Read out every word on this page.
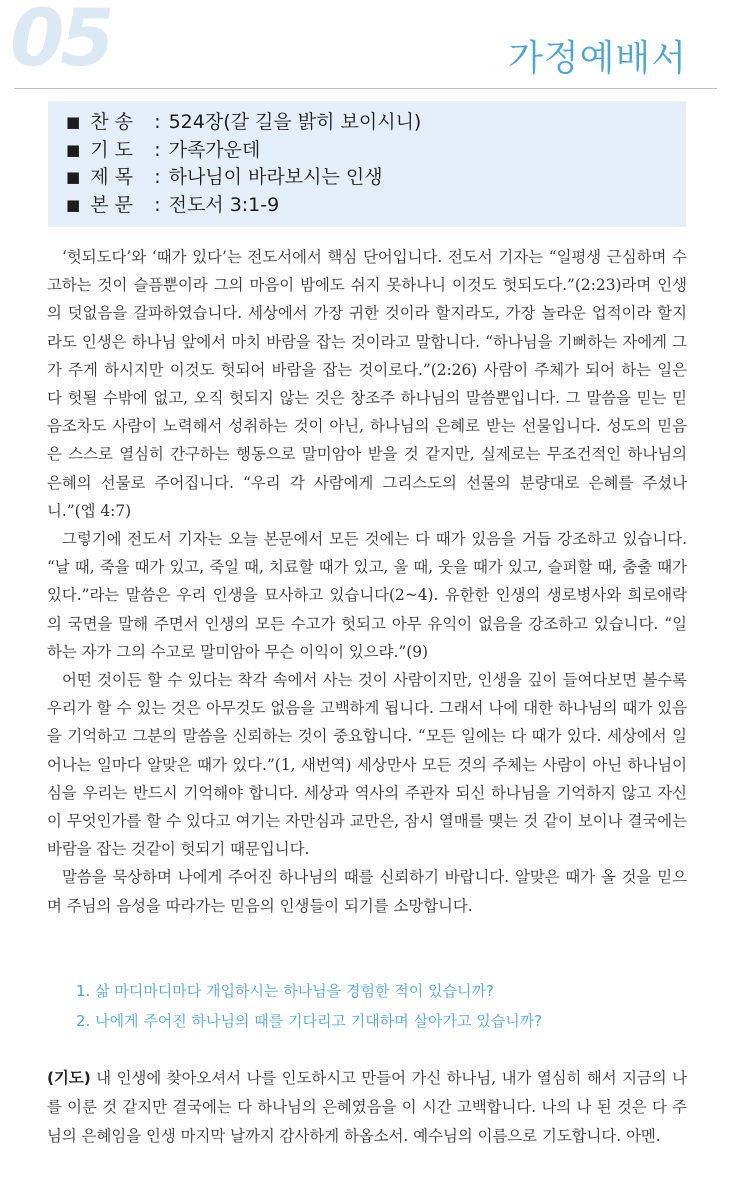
05	가정예배서
■ 찬 송 : 524장(갈 길을 밝히 보이시니)
■ 기 도 : 가족가운데
■ 제 목 : 하나님이 바라보시는 인생
■ 본 문 : 전도서 3:1-9

‘헛되도다’와 ‘때가 있다’는 전도서에서 핵심 단어입니다. 전도서 기자는 “일평생 근심하며 수고하는 것이 슬픔뿐이라 그의 마음이 밤에도 쉬지 못하나니 이것도 헛되도다.”(2:23)라며 인생의 덧없음을 갈파하였습니다. 세상에서 가장 귀한 것이라 할지라도, 가장 놀라운 업적이라 할지라도 인생은 하나님 앞에서 마치 바람을 잡는 것이라고 말합니다. “하나님을 기뻐하는 자에게 그가 주게 하시지만 이것도 헛되어 바람을 잡는 것이로다.”(2:26) 사람이 주체가 되어 하는 일은 다 헛될 수밖에 없고, 오직 헛되지 않는 것은 창조주 하나님의 말씀뿐입니다. 그 말씀을 믿는 믿음조차도 사람이 노력해서 성취하는 것이 아닌, 하나님의 은혜로 받는 선물입니다. 성도의 믿음은 스스로 열심히 간구하는 행동으로 말미암아 받을 것 같지만, 실제로는 무조건적인 하나님의 은혜의 선물로 주어집니다. “우리 각 사람에게 그리스도의 선물의 분량대로 은혜를 주셨나니.”(엡 4:7)

그렇기에 전도서 기자는 오늘 본문에서 모든 것에는 다 때가 있음을 거듭 강조하고 있습니다. “날 때, 죽을 때가 있고, 죽일 때, 치료할 때가 있고, 울 때, 웃을 때가 있고, 슬퍼할 때, 춤출 때가 있다.”라는 말씀은 우리 인생을 묘사하고 있습니다(2~4). 유한한 인생의 생로병사와 희로애락의 국면을 말해 주면서 인생의 모든 수고가 헛되고 아무 유익이 없음을 강조하고 있습니다. “일하는 자가 그의 수고로 말미암아 무슨 이익이 있으랴.”(9)

어떤 것이든 할 수 있다는 착각 속에서 사는 것이 사람이지만, 인생을 깊이 들여다보면 볼수록 우리가 할 수 있는 것은 아무것도 없음을 고백하게 됩니다. 그래서 나에 대한 하나님의 때가 있음을 기억하고 그분의 말씀을 신뢰하는 것이 중요합니다. “모든 일에는 다 때가 있다. 세상에서 일어나는 일마다 알맞은 때가 있다.”(1, 새번역) 세상만사 모든 것의 주체는 사람이 아닌 하나님이심을 우리는 반드시 기억해야 합니다. 세상과 역사의 주관자 되신 하나님을 기억하지 않고 자신이 무엇인가를 할 수 있다고 여기는 자만심과 교만은, 잠시 열매를 맺는 것 같이 보이나 결국에는 바람을 잡는 것같이 헛되기 때문입니다.

말씀을 묵상하며 나에게 주어진 하나님의 때를 신뢰하기 바랍니다. 알맞은 때가 올 것을 믿으며 주님의 음성을 따라가는 믿음의 인생들이 되기를 소망합니다.

1. 삶 마디마디마다 개입하시는 하나님을 경험한 적이 있습니까?
2. 나에게 주어진 하나님의 때를 기다리고 기대하며 살아가고 있습니까?
(기도) 내 인생에 찾아오셔서 나를 인도하시고 만들어 가신 하나님, 내가 열심히 해서 지금의 나를 이룬 것 같지만 결국에는 다 하나님의 은혜였음을 이 시간 고백합니다. 나의 나 된 것은 다 주님의 은혜임을 인생 마지막 날까지 감사하게 하옵소서. 예수님의 이름으로 기도합니다. 아멘.
